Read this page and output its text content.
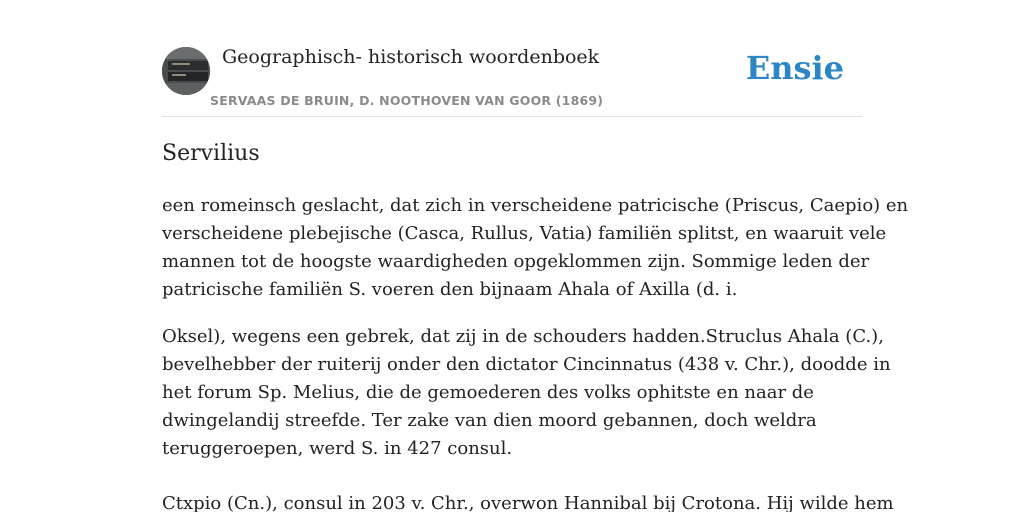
Geographisch- historisch woordenboek
SERVAAS DE BRUIN, D. NOOTHOVEN VAN GOOR (1869)
Ensie
Servilius

een romeinsch geslacht, dat zich in verscheidene patricische (Priscus, Caepio) en
verscheidene plebejische (Casca, Rullus, Vatia) familiën splitst, en waaruit vele
mannen tot de hoogste waardigheden opgeklommen zijn. Sommige leden der
patricische familiën S. voeren den bijnaam Ahala of Axilla (d. i.

Oksel), wegens een gebrek, dat zij in de schouders hadden.Struclus Ahala (C.),
bevelhebber der ruiterij onder den dictator Cincinnatus (438 v. Chr.), doodde in
het forum Sp. Melius, die de gemoederen des volks ophitste en naar de
dwingelandij streefde. Ter zake van dien moord gebannen, doch weldra
teruggeroepen, werd S. in 427 consul.

Ctxpio (Cn.), consul in 203 v. Chr., overwon Hannibal bij Crotona. Hij wilde hem
